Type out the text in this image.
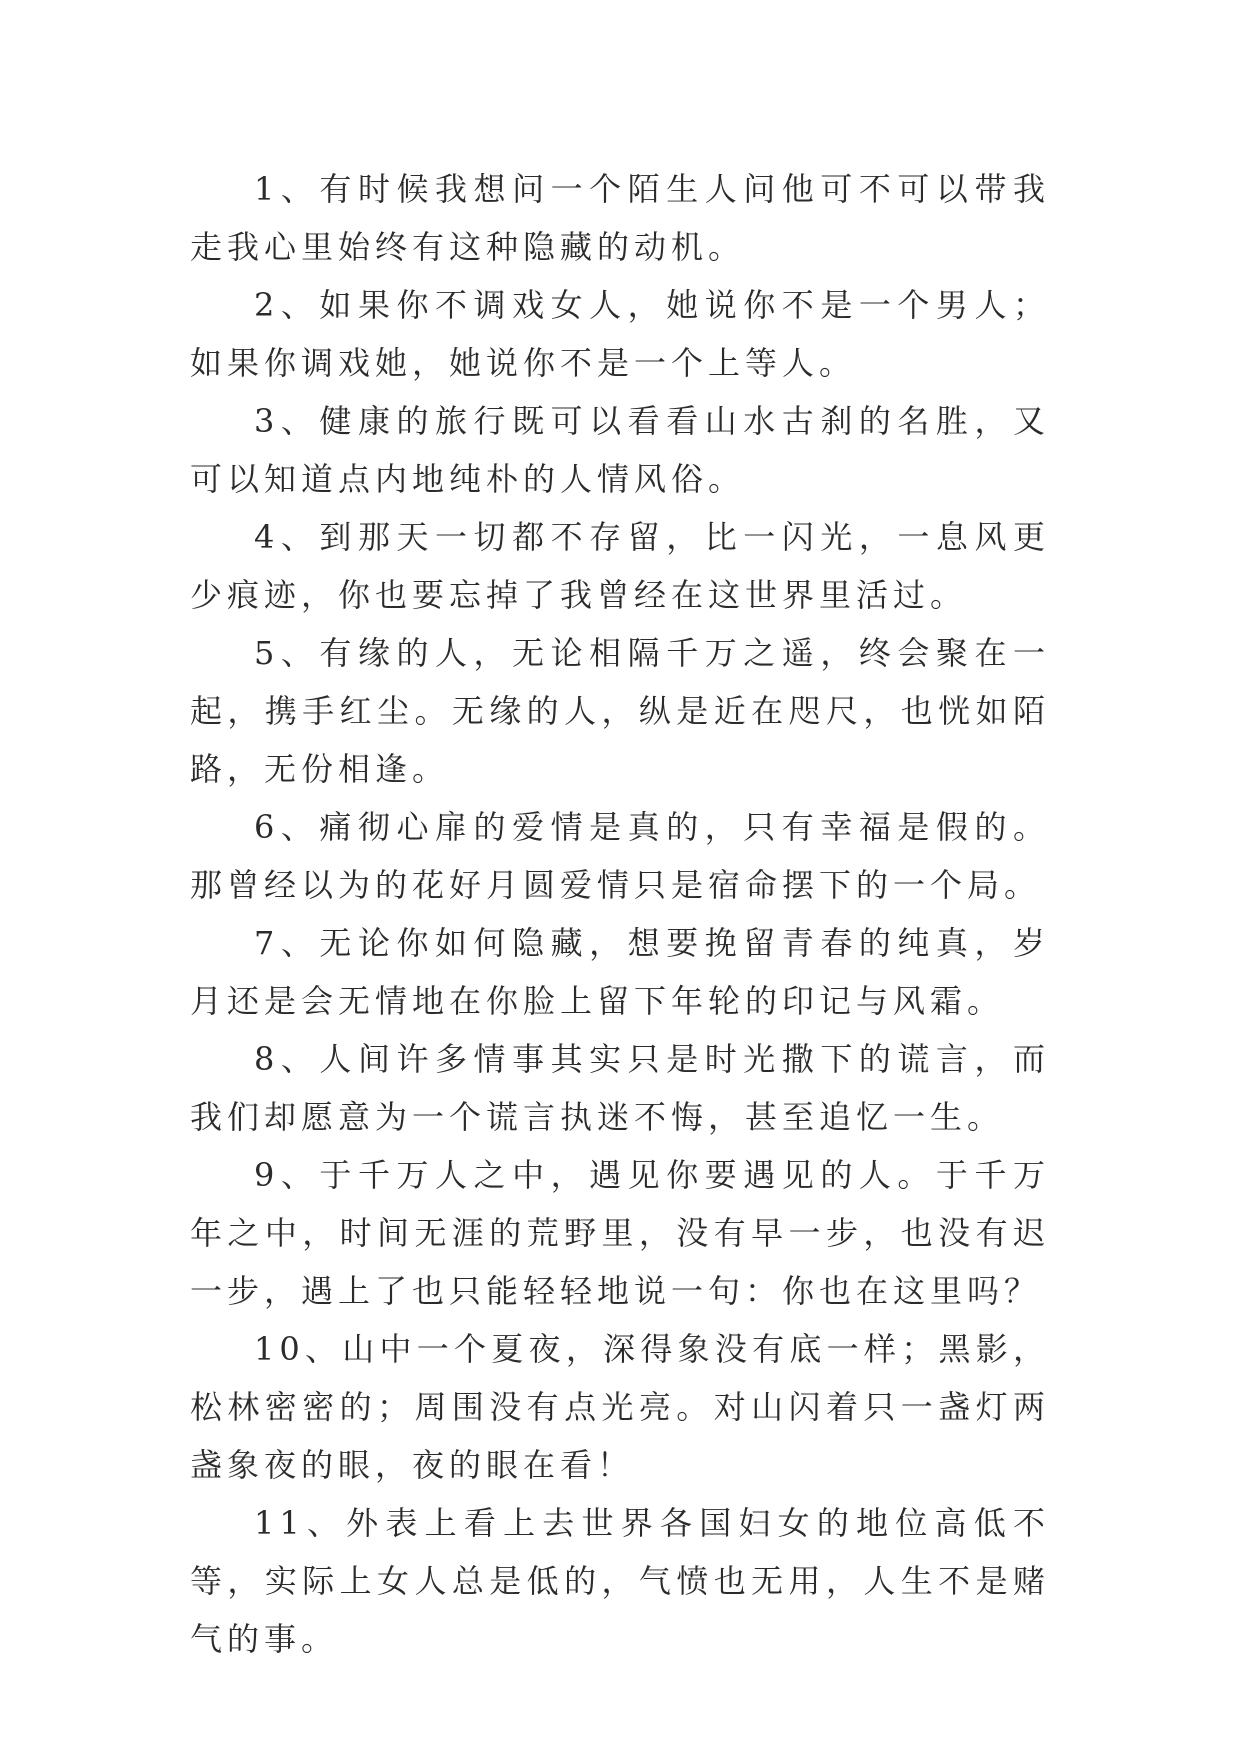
1、有时候我想问一个陌生人问他可不可以带我走我心里始终有这种隐藏的动机。

2、如果你不调戏女人，她说你不是一个男人；如果你调戏她，她说你不是一个上等人。

3、健康的旅行既可以看看山水古刹的名胜，又可以知道点内地纯朴的人情风俗。

4、到那天一切都不存留，比一闪光，一息风更少痕迹，你也要忘掉了我曾经在这世界里活过。

5、有缘的人，无论相隔千万之遥，终会聚在一起，携手红尘。无缘的人，纵是近在咫尺，也恍如陌路，无份相逢。

6、痛彻心扉的爱情是真的，只有幸福是假的。那曾经以为的花好月圆爱情只是宿命摆下的一个局。

7、无论你如何隐藏，想要挽留青春的纯真，岁月还是会无情地在你脸上留下年轮的印记与风霜。

8、人间许多情事其实只是时光撒下的谎言，而我们却愿意为一个谎言执迷不悔，甚至追忆一生。

9、于千万人之中，遇见你要遇见的人。于千万年之中，时间无涯的荒野里，没有早一步，也没有迟一步，遇上了也只能轻轻地说一句：你也在这里吗？

10、山中一个夏夜，深得象没有底一样；黑影，松林密密的；周围没有点光亮。对山闪着只一盏灯两盏象夜的眼，夜的眼在看！

11、外表上看上去世界各国妇女的地位高低不等，实际上女人总是低的，气愤也无用，人生不是赌气的事。
